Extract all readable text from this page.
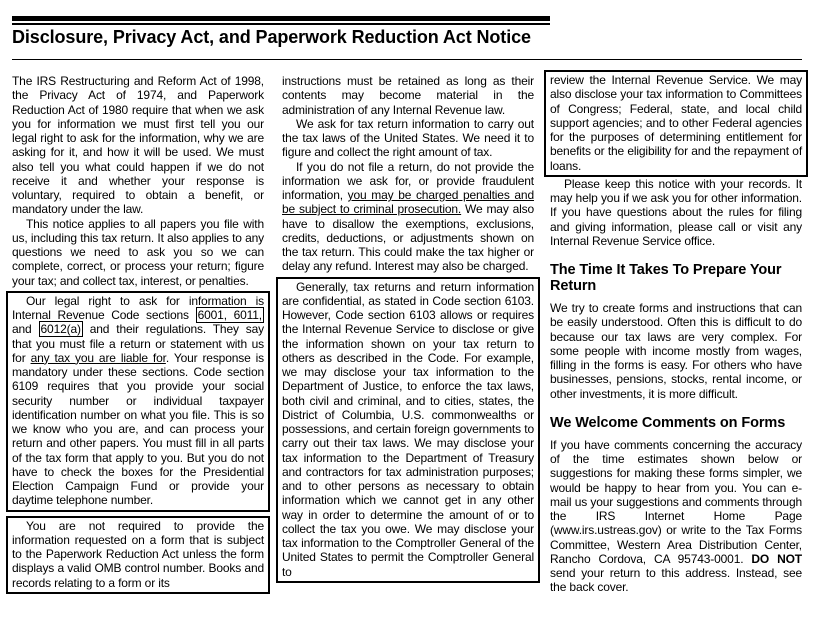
Disclosure, Privacy Act, and Paperwork Reduction Act Notice

The IRS Restructuring and Reform Act of 1998, the Privacy Act of 1974, and Paperwork Reduction Act of 1980 require that when we ask you for information we must first tell you our legal right to ask for the information, why we are asking for it, and how it will be used. We must also tell you what could happen if we do not receive it and whether your response is voluntary, required to obtain a benefit, or mandatory under the law.

This notice applies to all papers you file with us, including this tax return. It also applies to any questions we need to ask you so we can complete, correct, or process your return; figure your tax; and collect tax, interest, or penalties.

Our legal right to ask for information is Internal Revenue Code sections 6001, 6011, and 6012(a) and their regulations. They say that you must file a return or statement with us for any tax you are liable for. Your response is mandatory under these sections. Code section 6109 requires that you provide your social security number or individual taxpayer identification number on what you file. This is so we know who you are, and can process your return and other papers. You must fill in all parts of the tax form that apply to you. But you do not have to check the boxes for the Presidential Election Campaign Fund or provide your daytime telephone number.

You are not required to provide the information requested on a form that is subject to the Paperwork Reduction Act unless the form displays a valid OMB control number. Books and records relating to a form or its

instructions must be retained as long as their contents may become material in the administration of any Internal Revenue law.

We ask for tax return information to carry out the tax laws of the United States. We need it to figure and collect the right amount of tax.

If you do not file a return, do not provide the information we ask for, or provide fraudulent information, you may be charged penalties and be subject to criminal prosecution. We may also have to disallow the exemptions, exclusions, credits, deductions, or adjustments shown on the tax return. This could make the tax higher or delay any refund. Interest may also be charged.

Generally, tax returns and return information are confidential, as stated in Code section 6103. However, Code section 6103 allows or requires the Internal Revenue Service to disclose or give the information shown on your tax return to others as described in the Code. For example, we may disclose your tax information to the Department of Justice, to enforce the tax laws, both civil and criminal, and to cities, states, the District of Columbia, U.S. commonwealths or possessions, and certain foreign governments to carry out their tax laws. We may disclose your tax information to the Department of Treasury and contractors for tax administration purposes; and to other persons as necessary to obtain information which we cannot get in any other way in order to determine the amount of or to collect the tax you owe. We may disclose your tax information to the Comptroller General of the United States to permit the Comptroller General to

review the Internal Revenue Service. We may also disclose your tax information to Committees of Congress; Federal, state, and local child support agencies; and to other Federal agencies for the purposes of determining entitlement for benefits or the eligibility for and the repayment of loans.

Please keep this notice with your records. It may help you if we ask you for other information. If you have questions about the rules for filing and giving information, please call or visit any Internal Revenue Service office.

The Time It Takes To Prepare Your Return

We try to create forms and instructions that can be easily understood. Often this is difficult to do because our tax laws are very complex. For some people with income mostly from wages, filling in the forms is easy. For others who have businesses, pensions, stocks, rental income, or other investments, it is more difficult.

We Welcome Comments on Forms

If you have comments concerning the accuracy of the time estimates shown below or suggestions for making these forms simpler, we would be happy to hear from you. You can e-mail us your suggestions and comments through the IRS Internet Home Page (www.irs.ustreas.gov) or write to the Tax Forms Committee, Western Area Distribution Center, Rancho Cordova, CA 95743-0001. DO NOT send your return to this address. Instead, see the back cover.
